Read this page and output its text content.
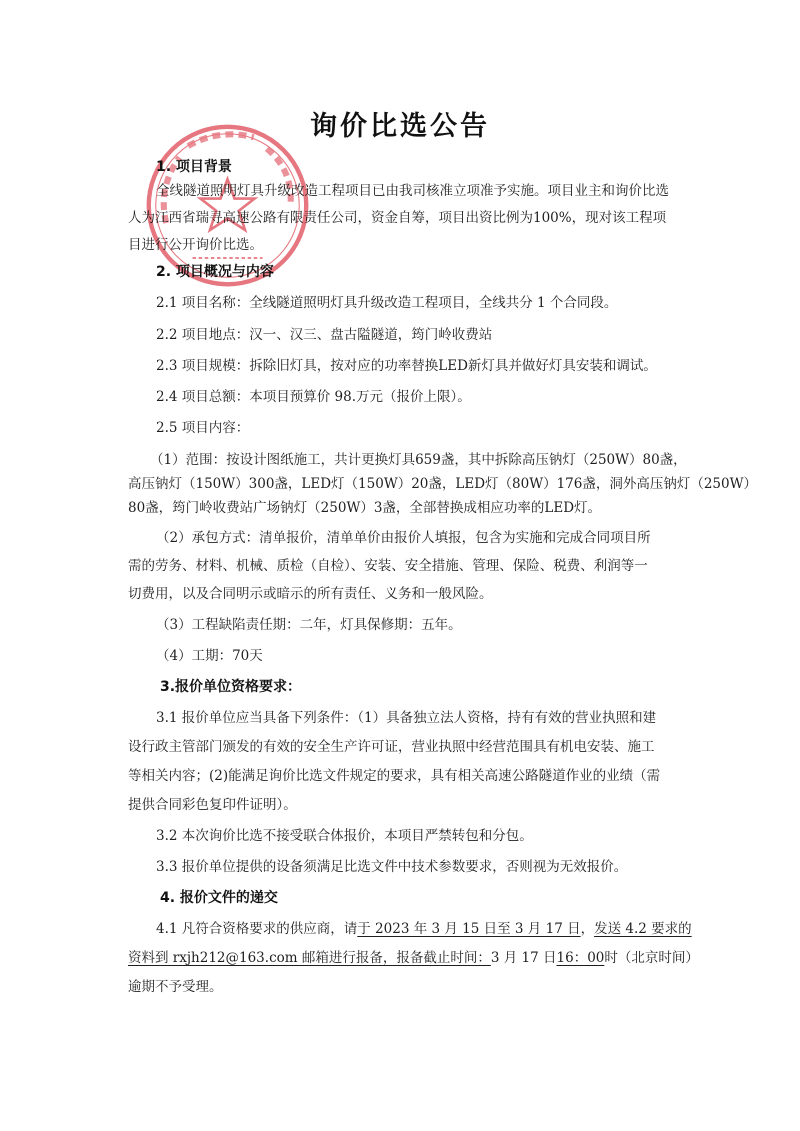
询价比选公告
1. 项目背景
全线隧道照明灯具升级改造工程项目已由我司核准立项准予实施。项目业主和询价比选
人为江西省瑞寻高速公路有限责任公司，资金自筹，项目出资比例为100%，现对该工程项
目进行公开询价比选。
2. 项目概况与内容
2.1 项目名称：全线隧道照明灯具升级改造工程项目，全线共分 1 个合同段。
2.2 项目地点：汉一、汉三、盘古隘隧道，筠门岭收费站
2.3 项目规模：拆除旧灯具，按对应的功率替换LED新灯具并做好灯具安装和调试。
2.4 项目总额：本项目预算价 98.万元（报价上限）。
2.5 项目内容：
（1）范围：按设计图纸施工，共计更换灯具659盏，其中拆除高压钠灯（250W）80盏，
高压钠灯（150W）300盏，LED灯（150W）20盏，LED灯（80W）176盏，洞外高压钠灯（250W）
80盏，筠门岭收费站广场钠灯（250W）3盏，全部替换成相应功率的LED灯。
（2）承包方式：清单报价，清单单价由报价人填报，包含为实施和完成合同项目所
需的劳务、材料、机械、质检（自检）、安装、安全措施、管理、保险、税费、利润等一
切费用，以及合同明示或暗示的所有责任、义务和一般风险。
（3）工程缺陷责任期：二年，灯具保修期：五年。
（4）工期：70天
3.报价单位资格要求：
3.1 报价单位应当具备下列条件：（1）具备独立法人资格，持有有效的营业执照和建
设行政主管部门颁发的有效的安全生产许可证，营业执照中经营范围具有机电安装、施工
等相关内容；(2)能满足询价比选文件规定的要求，具有相关高速公路隧道作业的业绩（需
提供合同彩色复印件证明）。
3.2 本次询价比选不接受联合体报价，本项目严禁转包和分包。
3.3 报价单位提供的设备须满足比选文件中技术参数要求，否则视为无效报价。
4. 报价文件的递交
4.1 凡符合资格要求的供应商，请于 2023 年 3 月 15 日至 3 月 17 日，发送 4.2 要求的
资料到 rxjh212@163.com 邮箱进行报备，报备截止时间：3 月 17 日16：00时（北京时间）
逾期不予受理。
